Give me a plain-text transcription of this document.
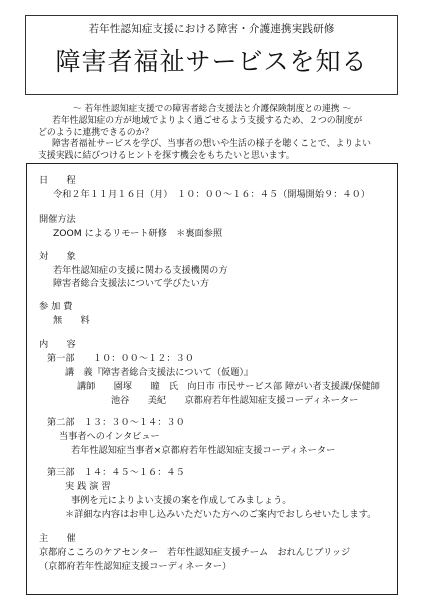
若年性認知症支援における障害・介護連携実践研修
障害者福祉サービスを知る
～ 若年性認知症支援での障害者総合支援法と介護保険制度との連携 ～

若年性認知症の方が地域でよりよく過ごせるよう支援するため、２つの制度が

どのように連携できるのか？

障害者福祉サービスを学び、当事者の想いや生活の様子を聴くことで、よりよい

支援実践に結びつけるヒントを探す機会をもちたいと思います。

日　　程
令和２年１１月１６日（月）　１０：００～１６：４５（開場開始９：４０）
開催方法
ZOOM によるリモート研修　＊裏面参照
対　　象
若年性認知症の支援に関わる支援機関の方
障害者総合支援法について学びたい方
参 加 費
無　　料
内　　容
第一部　　１０：００～１２：３０
講　義『障害者総合支援法について（仮題）』
講師　　園塚　　瞳　氏　向日市 市民サービス部 障がい者支援課/保健師
池谷　　美紀　　京都府若年性認知症支援コーディネーター
第二部　１３：３０～１４：３０
当事者へのインタビュー
若年性認知症当事者×京都府若年性認知症支援コーディネーター
第三部　１４：４５～１６：４５
実 践 演 習
事例を元によりよい支援の案を作成してみましょう。
＊詳細な内容はお申し込みいただいた方へのご案内でおしらせいたします。
主　　催
京都府こころのケアセンター　若年性認知症支援チーム　おれんじブリッジ
（京都府若年性認知症支援コーディネーター）
